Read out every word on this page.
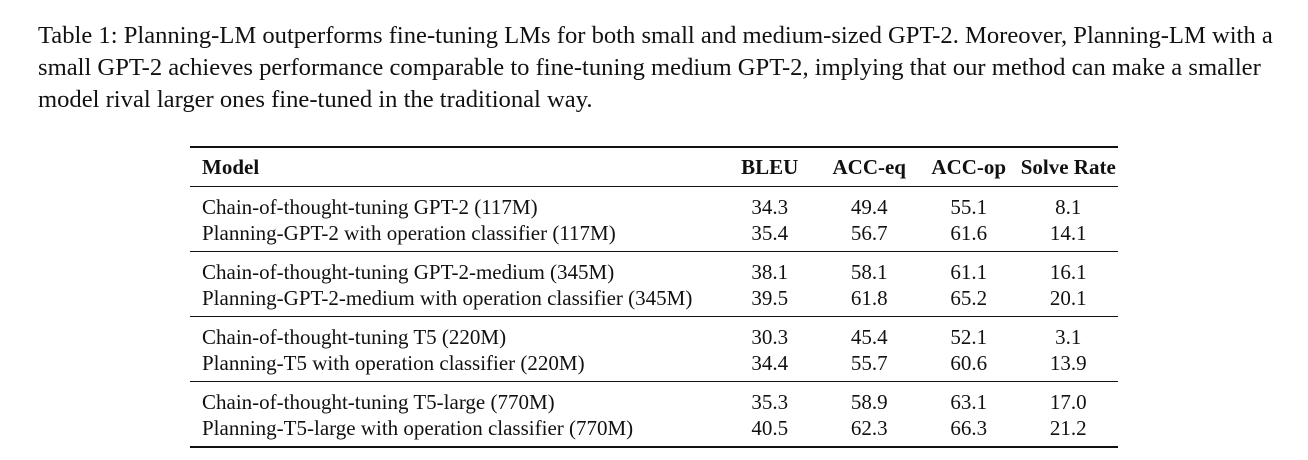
Table 1: Planning-LM outperforms fine-tuning LMs for both small and medium-sized GPT-2. Moreover, Planning-LM with a small GPT-2 achieves performance comparable to fine-tuning medium GPT-2, implying that our method can make a smaller model rival larger ones fine-tuned in the traditional way.

Model	BLEU	ACC-eq	ACC-op	Solve Rate
Chain-of-thought-tuning GPT-2 (117M)	34.3	49.4	55.1	8.1
Planning-GPT-2 with operation classifier (117M)	35.4	56.7	61.6	14.1
Chain-of-thought-tuning GPT-2-medium (345M)	38.1	58.1	61.1	16.1
Planning-GPT-2-medium with operation classifier (345M)	39.5	61.8	65.2	20.1
Chain-of-thought-tuning T5 (220M)	30.3	45.4	52.1	3.1
Planning-T5 with operation classifier (220M)	34.4	55.7	60.6	13.9
Chain-of-thought-tuning T5-large (770M)	35.3	58.9	63.1	17.0
Planning-T5-large with operation classifier (770M)	40.5	62.3	66.3	21.2
